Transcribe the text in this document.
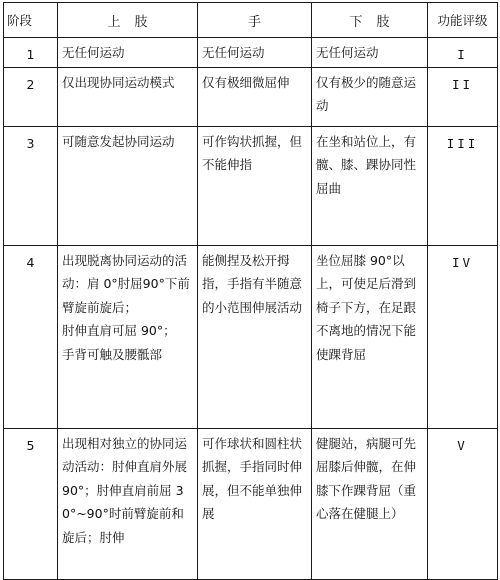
阶段	上肢	手	下肢	功能评级

1	无任何运动	无任何运动	无任何运动	I

2	仅出现协同运动模式	仅有极细微屈伸	仅有极少的随意运动	II

3	可随意发起协同运动	可作钩状抓握，但不能伸指	在坐和站位上，有髋、膝、踝协同性屈曲	III

4	出现脱离协同运动的活动：肩 0°肘屈90°下前臂旋前旋后；
肘伸直肩可屈 90°；
手背可触及腰骶部	能侧捏及松开拇指，手指有半随意的小范围伸展活动	坐位屈膝 90°以上，可使足后滑到椅子下方，在足跟不离地的情况下能使踝背屈	IV

5	出现相对独立的协同运动活动：肘伸直肩外展 90°；肘伸直肩前屈 30°~90°时前臂旋前和旋后；肘伸	可作球状和圆柱状抓握，手指同时伸展，但不能单独伸展	健腿站，病腿可先屈膝后伸髋，在伸膝下作踝背屈（重心落在健腿上）	V
